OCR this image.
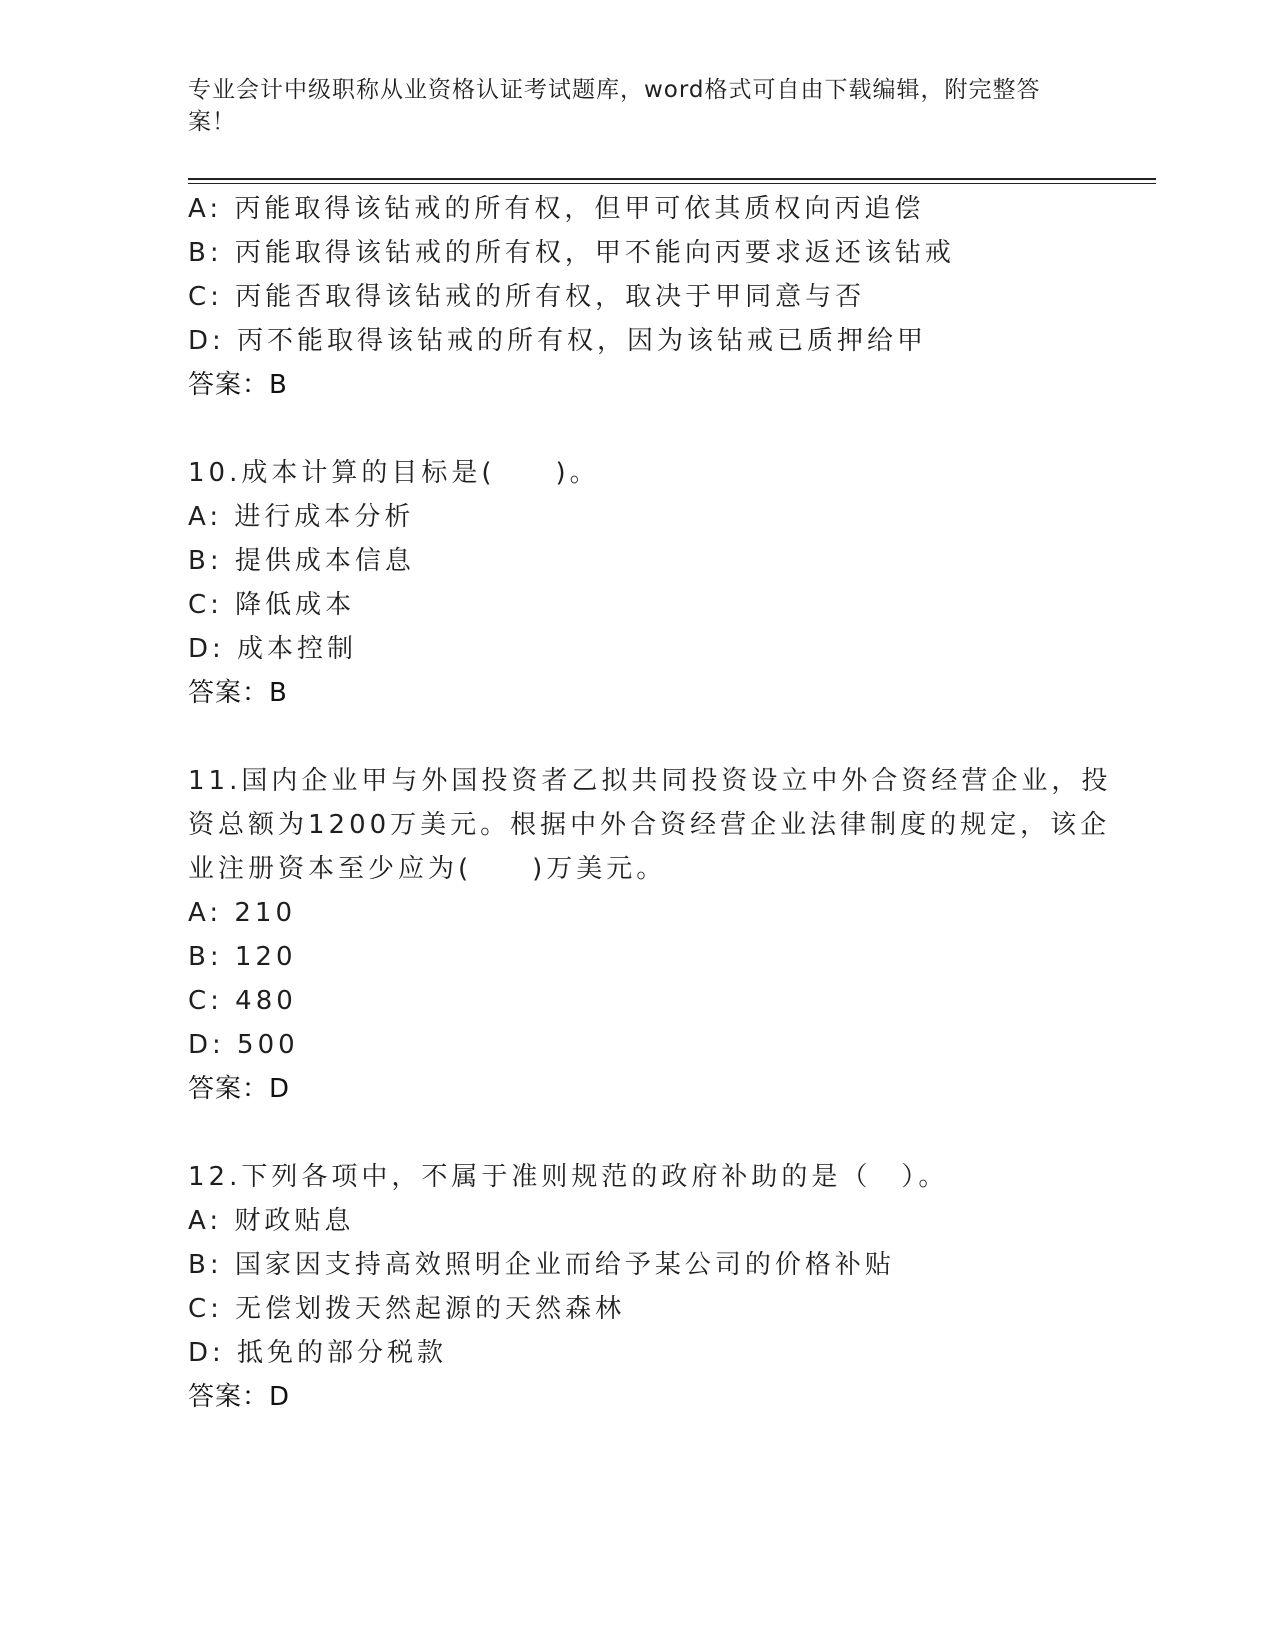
专业会计中级职称从业资格认证考试题库，word格式可自由下载编辑，附完整答
案！
A: 丙能取得该钻戒的所有权，但甲可依其质权向丙追偿
B: 丙能取得该钻戒的所有权，甲不能向丙要求返还该钻戒
C: 丙能否取得该钻戒的所有权，取决于甲同意与否
D: 丙不能取得该钻戒的所有权，因为该钻戒已质押给甲
答案：B
10.成本计算的目标是(　　)。
A: 进行成本分析
B: 提供成本信息
C: 降低成本
D: 成本控制
答案：B
11.国内企业甲与外国投资者乙拟共同投资设立中外合资经营企业，投
资总额为1200万美元。根据中外合资经营企业法律制度的规定，该企
业注册资本至少应为(　　)万美元。
A: 210
B: 120
C: 480
D: 500
答案：D
12.下列各项中，不属于准则规范的政府补助的是（　）。
A: 财政贴息
B: 国家因支持高效照明企业而给予某公司的价格补贴
C: 无偿划拨天然起源的天然森林
D: 抵免的部分税款
答案：D
